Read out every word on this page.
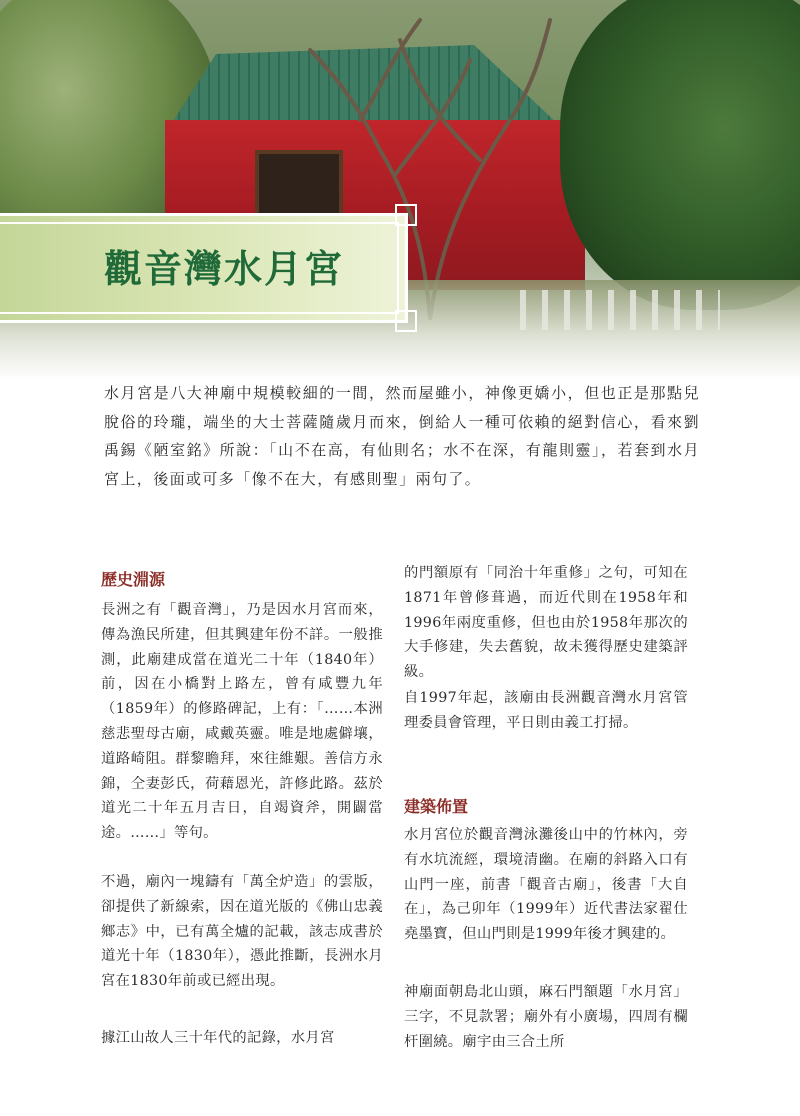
觀音灣水月宮

水月宮是八大神廟中規模較細的一間，然而屋雖小，神像更嬌小，但也正是那點兒脫俗的玲瓏，端坐的大士菩薩隨歲月而來，倒給人一種可依賴的絕對信心，看來劉禹錫《陋室銘》所說：「山不在高，有仙則名；水不在深，有龍則靈」，若套到水月宮上，後面或可多「像不在大，有感則聖」兩句了。

歷史淵源

長洲之有「觀音灣」，乃是因水月宮而來，傳為漁民所建，但其興建年份不詳。一般推測，此廟建成當在道光二十年（1840年）前，因在小橋對上路左，曾有咸豐九年（1859年）的修路碑記，上有：「……本洲慈悲聖母古廟，咸戴英靈。唯是地處僻壤，道路崎阻。群黎瞻拜，來往維艱。善信方永錦，仝妻彭氏，荷藉恩光，許修此路。茲於道光二十年五月吉日，自竭資斧，開闢當途。……」等句。

不過，廟內一塊鑄有「萬全炉造」的雲版，卻提供了新線索，因在道光版的《佛山忠義鄉志》中，已有萬全爐的記載，該志成書於道光十年（1830年），憑此推斷，長洲水月宮在1830年前或已經出現。

據江山故人三十年代的記錄，水月宮

的門額原有「同治十年重修」之句，可知在1871年曾修葺過，而近代則在1958年和1996年兩度重修，但也由於1958年那次的大手修建，失去舊貌，故未獲得歷史建築評級。

自1997年起，該廟由長洲觀音灣水月宮管理委員會管理，平日則由義工打掃。

建築佈置

水月宮位於觀音灣泳灘後山中的竹林內，旁有水坑流經，環境清幽。在廟的斜路入口有山門一座，前書「觀音古廟」，後書「大自在」，為己卯年（1999年）近代書法家翟仕堯墨寶，但山門則是1999年後才興建的。

神廟面朝島北山頭，麻石門額題「水月宮」三字，不見款署；廟外有小廣場，四周有欄杆圍繞。廟宇由三合土所
